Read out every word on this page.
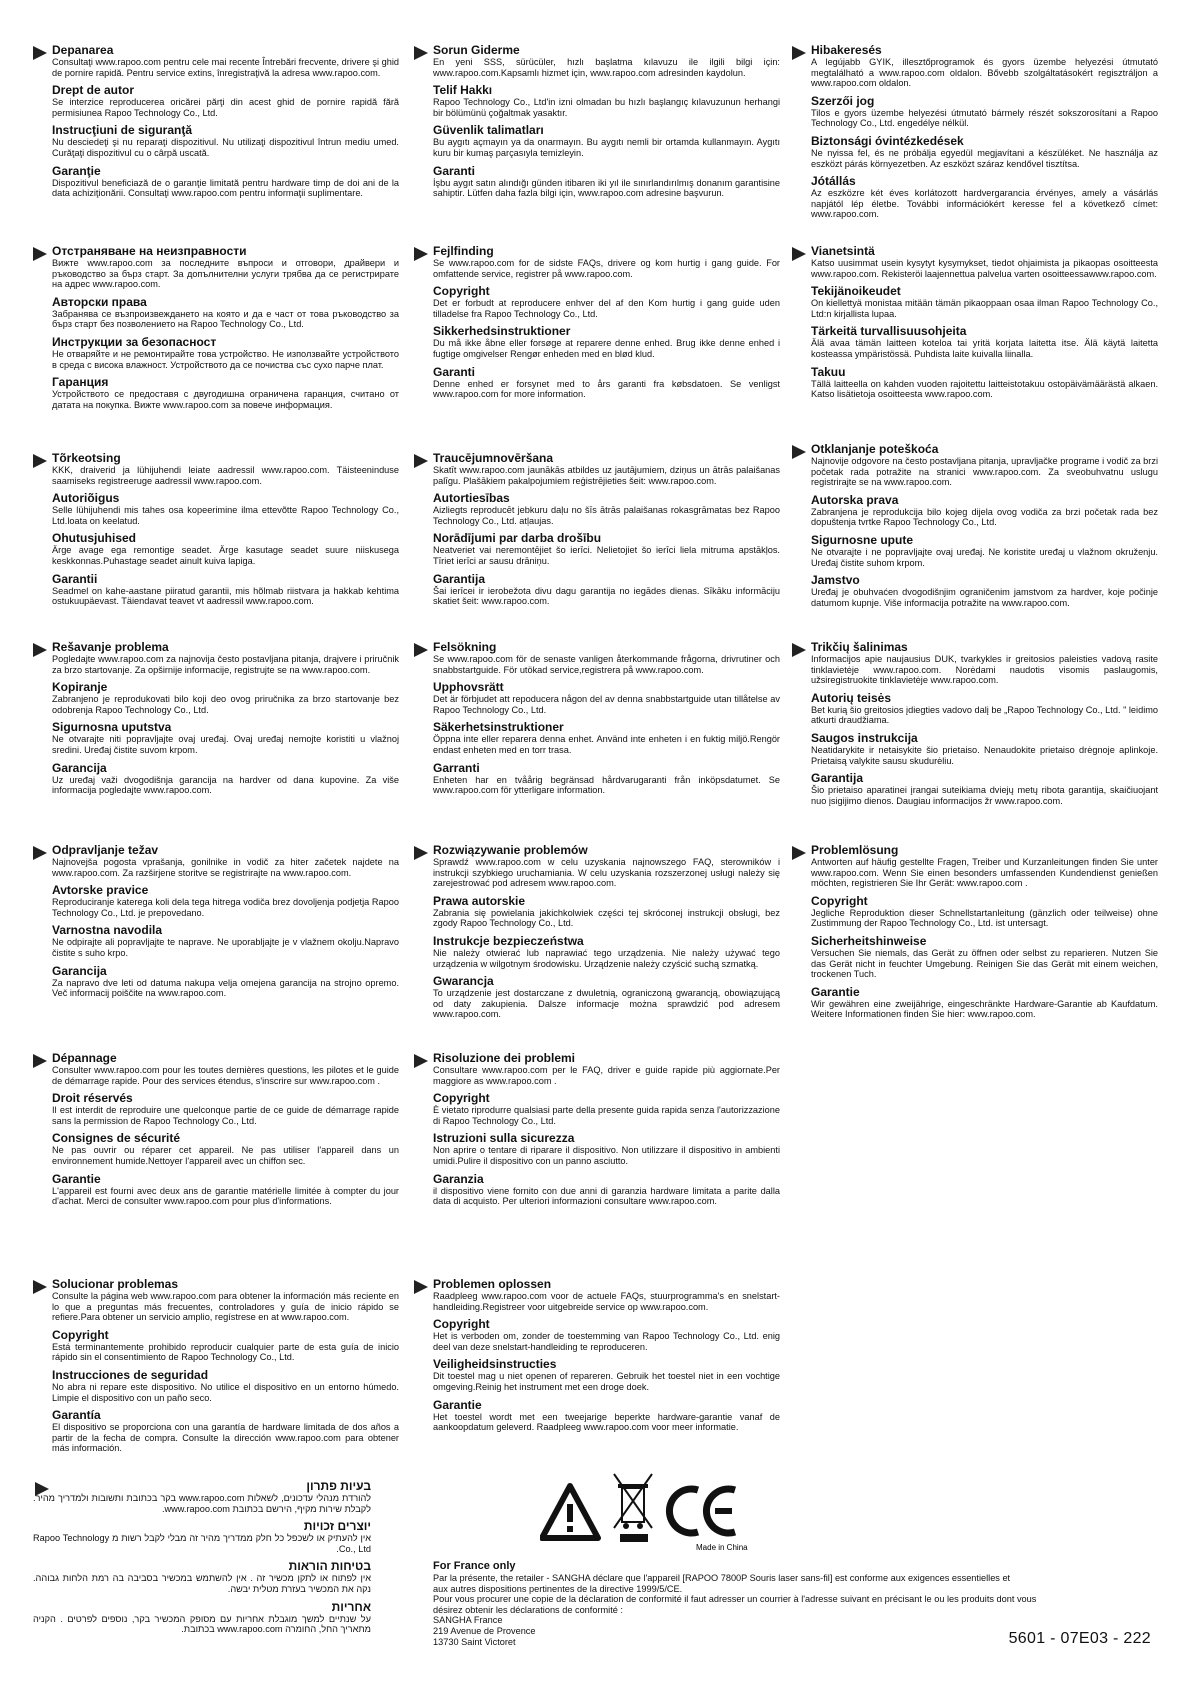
Depanarea
Consultaţi www.rapoo.com pentru cele mai recente Întrebări frecvente, drivere şi ghid de pornire rapidă. Pentru service extins, înregistraţivă la adresa www.rapoo.com.
Drept de autor
Se interzice reproducerea oricărei părţi din acest ghid de pornire rapidă fără permisiunea Rapoo Technology Co., Ltd.
Instrucţiuni de siguranţă
Nu desciedeţi şi nu reparaţi dispozitivul. Nu utilizaţi dispozitivul întrun mediu umed. Curăţaţi dispozitivul cu o cârpă uscată.
Garanţie
Dispozitivul beneficiază de o garanţie limitată pentru hardware timp de doi ani de la data achiziţionării. Consultaţi www.rapoo.com pentru informaţii suplimentare.
Отстраняване на неизправности
Вижте www.rapoo.com за последните въпроси и отговори, драйвери и ръководство за бърз старт. За допълнителни услуги трябва да се регистрирате на адрес www.rapoo.com.
Авторски права
Забранява се възпроизвеждането на която и да е част от това ръководство за бърз старт без позволението на Rapoo Technology Co., Ltd.
Инструкции за безопасност
Не отваряйте и не ремонтирайте това устройство. Не използвайте устройството в среда с висока влажност. Устройството да се почиства със сухо парче плат.
Гаранция
Устройството се предоставя с двугодишна ограничена гаранция, считано от датата на покупка. Вижте www.rapoo.com за повече информация.
Tõrkeotsing
KKK, draiverid ja lühijuhendi leiate aadressil www.rapoo.com. Täisteeninduse saamiseks registreeruge aadressil www.rapoo.com.
Autoriõigus
Selle lühijuhendi mis tahes osa kopeerimine ilma ettevõtte Rapoo Technology Co., Ltd.loata on keelatud.
Ohutusjuhised
Ärge avage ega remontige seadet. Ärge kasutage seadet suure niiskusega keskkonnas.Puhastage seadet ainult kuiva lapiga.
Garantii
Seadmel on kahe-aastane piiratud garantii, mis hõlmab riistvara ja hakkab kehtima ostukuupäevast. Täiendavat teavet vt aadressil www.rapoo.com.
Rešavanje problema
Pogledajte www.rapoo.com za najnovija često postavljana pitanja, drajvere i priručnik za brzo startovanje. Za opširnije informacije, registrujte se na www.rapoo.com.
Kopiranje
Zabranjeno je reprodukovati bilo koji deo ovog priručnika za brzo startovanje bez odobrenja Rapoo Technology Co., Ltd.
Sigurnosna uputstva
Ne otvarajte niti popravljajte ovaj uređaj. Ovaj uređaj nemojte koristiti u vlažnoj sredini. Uređaj čistite suvom krpom.
Garancija
Uz uređaj važi dvogodišnja garancija na hardver od dana kupovine. Za više informacija pogledajte www.rapoo.com.
Odpravljanje težav
Najnovejša pogosta vprašanja, gonilnike in vodič za hiter začetek najdete na www.rapoo.com. Za razširjene storitve se registrirajte na www.rapoo.com.
Avtorske pravice
Reproduciranje katerega koli dela tega hitrega vodiča brez dovoljenja podjetja Rapoo Technology Co., Ltd. je prepovedano.
Varnostna navodila
Ne odpirajte ali popravljajte te naprave. Ne uporabljajte je v vlažnem okolju.Napravo čistite s suho krpo.
Garancija
Za napravo dve leti od datuma nakupa velja omejena garancija na strojno opremo. Več informacij poiščite na www.rapoo.com.
Dépannage
Consulter www.rapoo.com pour les toutes dernières questions, les pilotes et le guide de démarrage rapide. Pour des services étendus, s'inscrire sur www.rapoo.com .
Droit réservés
Il est interdit de reproduire une quelconque partie de ce guide de démarrage rapide sans la permission de Rapoo Technology Co., Ltd.
Consignes de sécurité
Ne pas ouvrir ou réparer cet appareil. Ne pas utiliser l'appareil dans un environnement humide.Nettoyer l'appareil avec un chiffon sec.
Garantie
L'appareil est fourni avec deux ans de garantie matérielle limitée à compter du jour d'achat. Merci de consulter www.rapoo.com pour plus d'informations.
Solucionar problemas
Consulte la página web www.rapoo.com para obtener la información más reciente en lo que a preguntas más frecuentes, controladores y guía de inicio rápido se refiere.Para obtener un servicio amplio, regístrese en at www.rapoo.com.
Copyright
Está terminantemente prohibido reproducir cualquier parte de esta guía de inicio rápido sin el consentimiento de Rapoo Technology Co., Ltd.
Instrucciones de seguridad
No abra ni repare este dispositivo. No utilice el dispositivo en un entorno húmedo. Limpie el dispositivo con un paño seco.
Garantía
El dispositivo se proporciona con una garantía de hardware limitada de dos años a partir de la fecha de compra. Consulte la dirección www.rapoo.com para obtener más información.
בעיות פתרון
להורדת מנהלי עדכונים, לשאלות www.rapoo.com בקר בכתובת ותשובות ולמדריך מהיר. לקבלת שירות מקיף, הירשם בכתובת www.rapoo.com.
יוצרים זכויות
אין להעתיק או לשכפל כל חלק ממדריך מהיר זה מבלי לקבל רשות מ Rapoo Technology Co., Ltd.
בטיחות הוראות
אין לפתוח או לתקן מכשיר זה . אין להשתמש במכשיר בסביבה בה רמת הלחות גבוהה. נקה את המכשיר בעזרת מטלית יבשה.
אחריות
על שנתיים למשך מוגבלת אחריות עם מסופק המכשיר בקר, נוספים לפרטים . הקניה מתאריך החל, החומרה www.rapoo.com בכתובת.
Sorun Giderme
En yeni SSS, sürücüler, hızlı başlatma kılavuzu ile ilgili bilgi için: www.rapoo.com.Kapsamlı hizmet için, www.rapoo.com adresinden kaydolun.
Telif Hakkı
Rapoo Technology Co., Ltd'in izni olmadan bu hızlı başlangıç kılavuzunun herhangi bir bölümünü çoğaltmak yasaktır.
Güvenlik talimatları
Bu aygıtı açmayın ya da onarmayın. Bu aygıtı nemli bir ortamda kullanmayın. Aygıtı kuru bir kumaş parçasıyla temizleyin.
Garanti
İşbu aygıt satın alındığı günden itibaren iki yıl ile sınırlandırılmış donanım garantisine sahiptir. Lütfen daha fazla bilgi için, www.rapoo.com adresine başvurun.
Fejlfinding
Se www.rapoo.com for de sidste FAQs, drivere og kom hurtig i gang guide. For omfattende service, registrer på www.rapoo.com.
Copyright
Det er forbudt at reproducere enhver del af den Kom hurtig i gang guide uden tilladelse fra Rapoo Technology Co., Ltd.
Sikkerhedsinstruktioner
Du må ikke åbne eller forsøge at reparere denne enhed. Brug ikke denne enhed i fugtige omgivelser Rengør enheden med en blød klud.
Garanti
Denne enhed er forsynet med to års garanti fra købsdatoen. Se venligst www.rapoo.com for more information.
Traucējumnovēršana
Skatīt www.rapoo.com jaunākās atbildes uz jautājumiem, dziņus un ātrās palaišanas palīgu. Plašākiem pakalpojumiem reģistrējieties šeit: www.rapoo.com.
Autortiesības
Aizliegts reproducēt jebkuru daļu no šīs ātrās palaišanas rokasgrāmatas bez Rapoo Technology Co., Ltd. atļaujas.
Norādījumi par darba drošību
Neatveriet vai neremontējiet šo ierīci. Nelietojiet šo ierīci liela mitruma apstākļos. Tīriet ierīci ar sausu drāniņu.
Garantija
Šai ierīcei ir ierobežota divu dagu garantija no iegādes dienas. Sīkāku informāciju skatiet šeit: www.rapoo.com.
Felsökning
Se www.rapoo.com för de senaste vanligen återkommande frågorna, drivrutiner och snabbstartguide. För utökad service,registrera på www.rapoo.com.
Upphovsrätt
Det är förbjudet att repoducera någon del av denna snabbstartguide utan tillåtelse av Rapoo Technology Co., Ltd.
Säkerhetsinstruktioner
Öppna inte eller reparera denna enhet. Använd inte enheten i en fuktig miljö.Rengör endast enheten med en torr trasa.
Garranti
Enheten har en tvåårig begränsad hårdvarugaranti från inköpsdatumet. Se www.rapoo.com för ytterligare information.
Rozwiązywanie problemów
Sprawdź www.rapoo.com w celu uzyskania najnowszego FAQ, sterowników i instrukcji szybkiego uruchamiania. W celu uzyskania rozszerzonej usługi należy się zarejestrować pod adresem www.rapoo.com.
Prawa autorskie
Zabrania się powielania jakichkolwiek części tej skróconej instrukcji obsługi, bez zgody Rapoo Technology Co., Ltd.
Instrukcje bezpieczeństwa
Nie należy otwierać lub naprawiać tego urządzenia. Nie należy używać tego urządzenia w wilgotnym środowisku. Urządzenie należy czyścić suchą szmatką.
Gwarancja
To urządzenie jest dostarczane z dwuletnią, ograniczoną gwarancją, obowiązującą od daty zakupienia. Dalsze informacje można sprawdzić pod adresem www.rapoo.com.
Risoluzione dei problemi
Consultare www.rapoo.com per le FAQ, driver e guide rapide più aggiornate.Per maggiore as www.rapoo.com .
Copyright
È vietato riprodurre qualsiasi parte della presente guida rapida senza l'autorizzazione di Rapoo Technology Co., Ltd.
Istruzioni sulla sicurezza
Non aprire o tentare di riparare il dispositivo. Non utilizzare il dispositivo in ambienti umidi.Pulire il dispositivo con un panno asciutto.
Garanzia
il dispositivo viene fornito con due anni di garanzia hardware limitata a parite dalla data di acquisto. Per ulteriori informazioni consultare www.rapoo.com.
Problemen oplossen
Raadpleeg www.rapoo.com voor de actuele FAQs, stuurprogramma's en snelstart-handleiding.Registreer voor uitgebreide service op www.rapoo.com.
Copyright
Het is verboden om, zonder de toestemming van Rapoo Technology Co., Ltd. enig deel van deze snelstart-handleiding te reproduceren.
Veiligheidsinstructies
Dit toestel mag u niet openen of repareren. Gebruik het toestel niet in een vochtige omgeving.Reinig het instrument met een droge doek.
Garantie
Het toestel wordt met een tweejarige beperkte hardware-garantie vanaf de aankoopdatum geleverd. Raadpleeg www.rapoo.com voor meer informatie.
Hibakeresés
A legújabb GYIK, illesztőprogramok és gyors üzembe helyezési útmutató megtalálható a www.rapoo.com oldalon. Bővebb szolgáltatásokért regisztráljon a www.rapoo.com oldalon.
Szerzői jog
Tilos e gyors üzembe helyezési útmutató bármely részét sokszorosítani a Rapoo Technology Co., Ltd. engedélye nélkül.
Biztonsági óvintézkedések
Ne nyissa fel, és ne próbálja egyedül megjavítani a készüléket. Ne használja az eszközt párás környezetben. Az eszközt száraz kendővel tisztítsa.
Jótállás
Az eszközre két éves korlátozott hardvergarancia érvényes, amely a vásárlás napjától lép életbe. További információkért keresse fel a következő címet: www.rapoo.com.
Vianetsintä
Katso uusimmat usein kysytyt kysymykset, tiedot ohjaimista ja pikaopas osoitteesta www.rapoo.com. Rekisteröi laajennettua palvelua varten osoitteessawww.rapoo.com.
Tekijänoikeudet
On kiellettyä monistaa mitään tämän pikaoppaan osaa ilman Rapoo Technology Co., Ltd:n kirjallista lupaa.
Tärkeitä turvallisuusohjeita
Älä avaa tämän laitteen koteloa tai yritä korjata laitetta itse. Älä käytä laitetta kosteassa ympäristössä. Puhdista laite kuivalla liinalla.
Takuu
Tällä laitteella on kahden vuoden rajoitettu laitteistotakuu ostopäivämäärästä alkaen. Katso lisätietoja osoitteesta www.rapoo.com.
Otklanjanje poteškoća
Najnovije odgovore na često postavljana pitanja, upravljačke programe i vodič za brzi početak rada potražite na stranici www.rapoo.com. Za sveobuhvatnu uslugu registrirajte se na www.rapoo.com.
Autorska prava
Zabranjena je reprodukcija bilo kojeg dijela ovog vodiča za brzi početak rada bez dopuštenja tvrtke Rapoo Technology Co., Ltd.
Sigurnosne upute
Ne otvarajte i ne popravljajte ovaj uređaj. Ne koristite uređaj u vlažnom okruženju. Uređaj čistite suhom krpom.
Jamstvo
Uređaj je obuhvaćen dvogodišnjim ograničenim jamstvom za hardver, koje počinje datumom kupnje. Više informacija potražite na www.rapoo.com.
Trikčių šalinimas
Informacijos apie naujausius DUK, tvarkykles ir greitosios paleisties vadovą rasite tinklavietėje www.rapoo.com. Norėdami naudotis visomis paslaugomis, užsiregistruokite tinklavietėje www.rapoo.com.
Autorių teisės
Bet kurią šio greitosios įdiegties vadovo dalį be „Rapoo Technology Co., Ltd. " leidimo atkurti draudžiama.
Saugos instrukcija
Neatidarykite ir netaisykite šio prietaiso. Nenaudokite prietaiso drėgnoje aplinkoje. Prietaisą valykite sausu skudurėliu.
Garantija
Šio prietaiso aparatinei įrangai suteikiama dviejų metų ribota garantija, skaičiuojant nuo įsigijimo dienos. Daugiau informacijos žr www.rapoo.com.
Problemlösung
Antworten auf häufig gestellte Fragen, Treiber und Kurzanleitungen finden Sie unter www.rapoo.com. Wenn Sie einen besonders umfassenden Kundendienst genießen möchten, registrieren Sie Ihr Gerät: www.rapoo.com .
Copyright
Jegliche Reproduktion dieser Schnellstartanleitung (gänzlich oder teilweise) ohne Zustimmung der Rapoo Technology Co., Ltd. ist untersagt.
Sicherheitshinweise
Versuchen Sie niemals, das Gerät zu öffnen oder selbst zu reparieren. Nutzen Sie das Gerät nicht in feuchter Umgebung. Reinigen Sie das Gerät mit einem weichen, trockenen Tuch.
Garantie
Wir gewähren eine zweijährige, eingeschränkte Hardware-Garantie ab Kaufdatum. Weitere Informationen finden Sie hier: www.rapoo.com.
Made in China
For France only
Par la présente, the retailer - SANGHA déclare que l'appareil [RAPOO 7800P Souris laser sans-fil] est conforme aux exigences essentielles et
aux autres dispositions pertinentes de la directive 1999/5/CE.
Pour vous procurer une copie de la déclaration de conformité il faut adresser un courrier à l'adresse suivant en précisant le ou les produits dont vous
désirez obtenir les déclarations de conformité :
SANGHA France
219 Avenue de Provence
13730 Saint Victoret	5601 - 07E03 - 222
